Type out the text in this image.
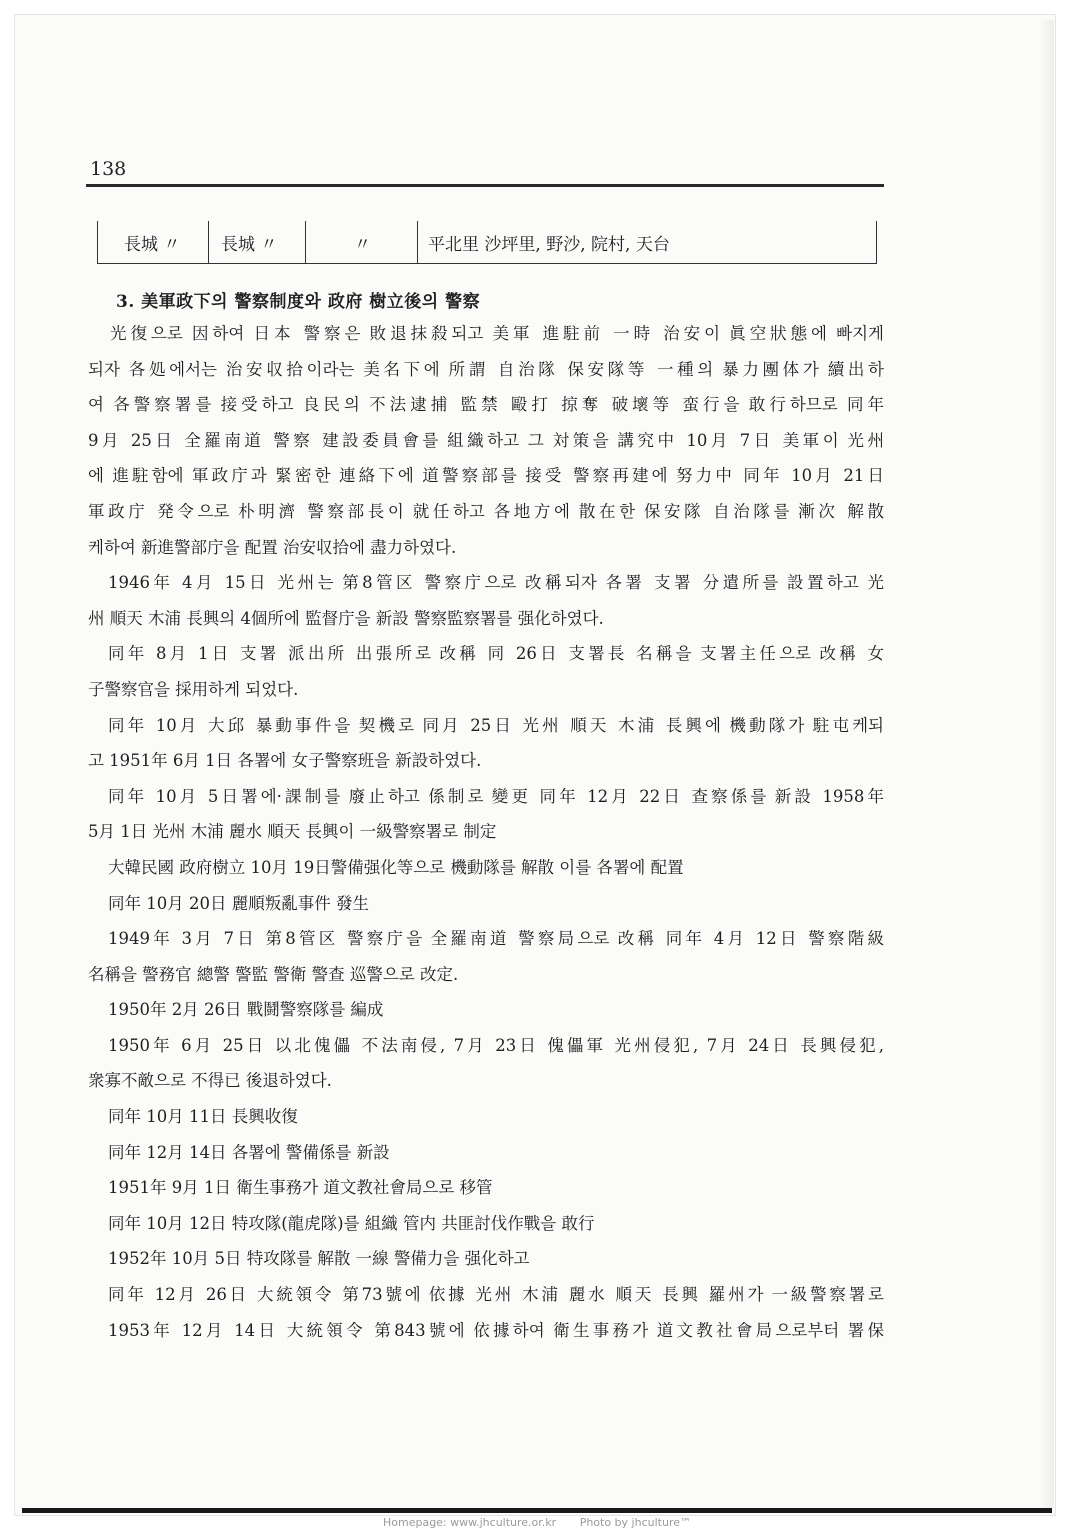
138
長城 〃	長城 〃	〃	平北里 沙坪里, 野沙, 院村, 天台
3. 美軍政下의 警察制度와 政府 樹立後의 警察
光復으로 因하여 日本 警察은 敗退抹殺되고 美軍 進駐前 一時 治安이 眞空狀態에 빠지게
되자 各処에서는 治安収拾이라는 美名下에 所謂 自治隊 保安隊等 一種의 暴力團体가 續出하
여 各警察署를 接受하고 良民의 不法逮捕 監禁 毆打 掠奪 破壞等 蛮行을 敢行하므로 同年
9月 25日 全羅南道 警察 建設委員會를 組織하고 그 対策을 講究中 10月 7日 美軍이 光州
에 進駐함에 軍政庁과 緊密한 連絡下에 道警察部를 接受 警察再建에 努力中 同年 10月 21日
軍政庁 発令으로 朴明濟 警察部長이 就任하고 各地方에 散在한 保安隊 自治隊를 漸次 解散
케하여 新進警部庁을 配置 治安収拾에 盡力하였다.
1946年 4月 15日 光州는 第8管区 警察庁으로 改稱되자 各署 支署 分遣所를 設置하고 光
州 順天 木浦 長興의 4個所에 監督庁을 新設 警察監察署를 强化하였다.
同年 8月 1日 支署 派出所 出張所로 改稱 同 26日 支署長 名稱을 支署主任으로 改稱 女
子警察官을 採用하게 되었다.
同年 10月 大邱 暴動事件을 契機로 同月 25日 光州 順天 木浦 長興에 機動隊가 駐屯케되
고 1951年 6月 1日 各署에 女子警察班을 新設하였다.
同年 10月 5日署에·課制를 廢止하고 係制로 變更 同年 12月 22日 查察係를 新設 1958年
5月 1日 光州 木浦 麗水 順天 長興이 一級警察署로 制定
大韓民國 政府樹立 10月 19日警備强化等으로 機動隊를 解散 이를 各署에 配置
同年 10月 20日 麗順叛亂事件 發生
1949年 3月 7日 第8管区 警察庁을 全羅南道 警察局으로 改稱 同年 4月 12日 警察階級
名稱을 警務官 總警 警監 警衛 警查 巡警으로 改定.
1950年 2月 26日 戰鬪警察隊를 編成
1950年 6月 25日 以北傀儡 不法南侵, 7月 23日 傀儡軍 光州侵犯, 7月 24日 長興侵犯,
衆寡不敵으로 不得已 後退하였다.
同年 10月 11日 長興收復
同年 12月 14日 各署에 警備係를 新設
1951年 9月 1日 衛生事務가 道文教社會局으로 移管
同年 10月 12日 特攻隊(龍虎隊)를 組織 管内 共匪討伐作戰을 敢行
1952年 10月 5日 特攻隊를 解散 一線 警備力을 强化하고
同年 12月 26日 大統領令 第73號에 依據 光州 木浦 麗水 順天 長興 羅州가 一級警察署로
1953年 12月 14日 大統領令 第843號에 依據하여 衛生事務가 道文教社會局으로부터 署保
Homepage: www.jhculture.or.kr Photo by jhculture™
